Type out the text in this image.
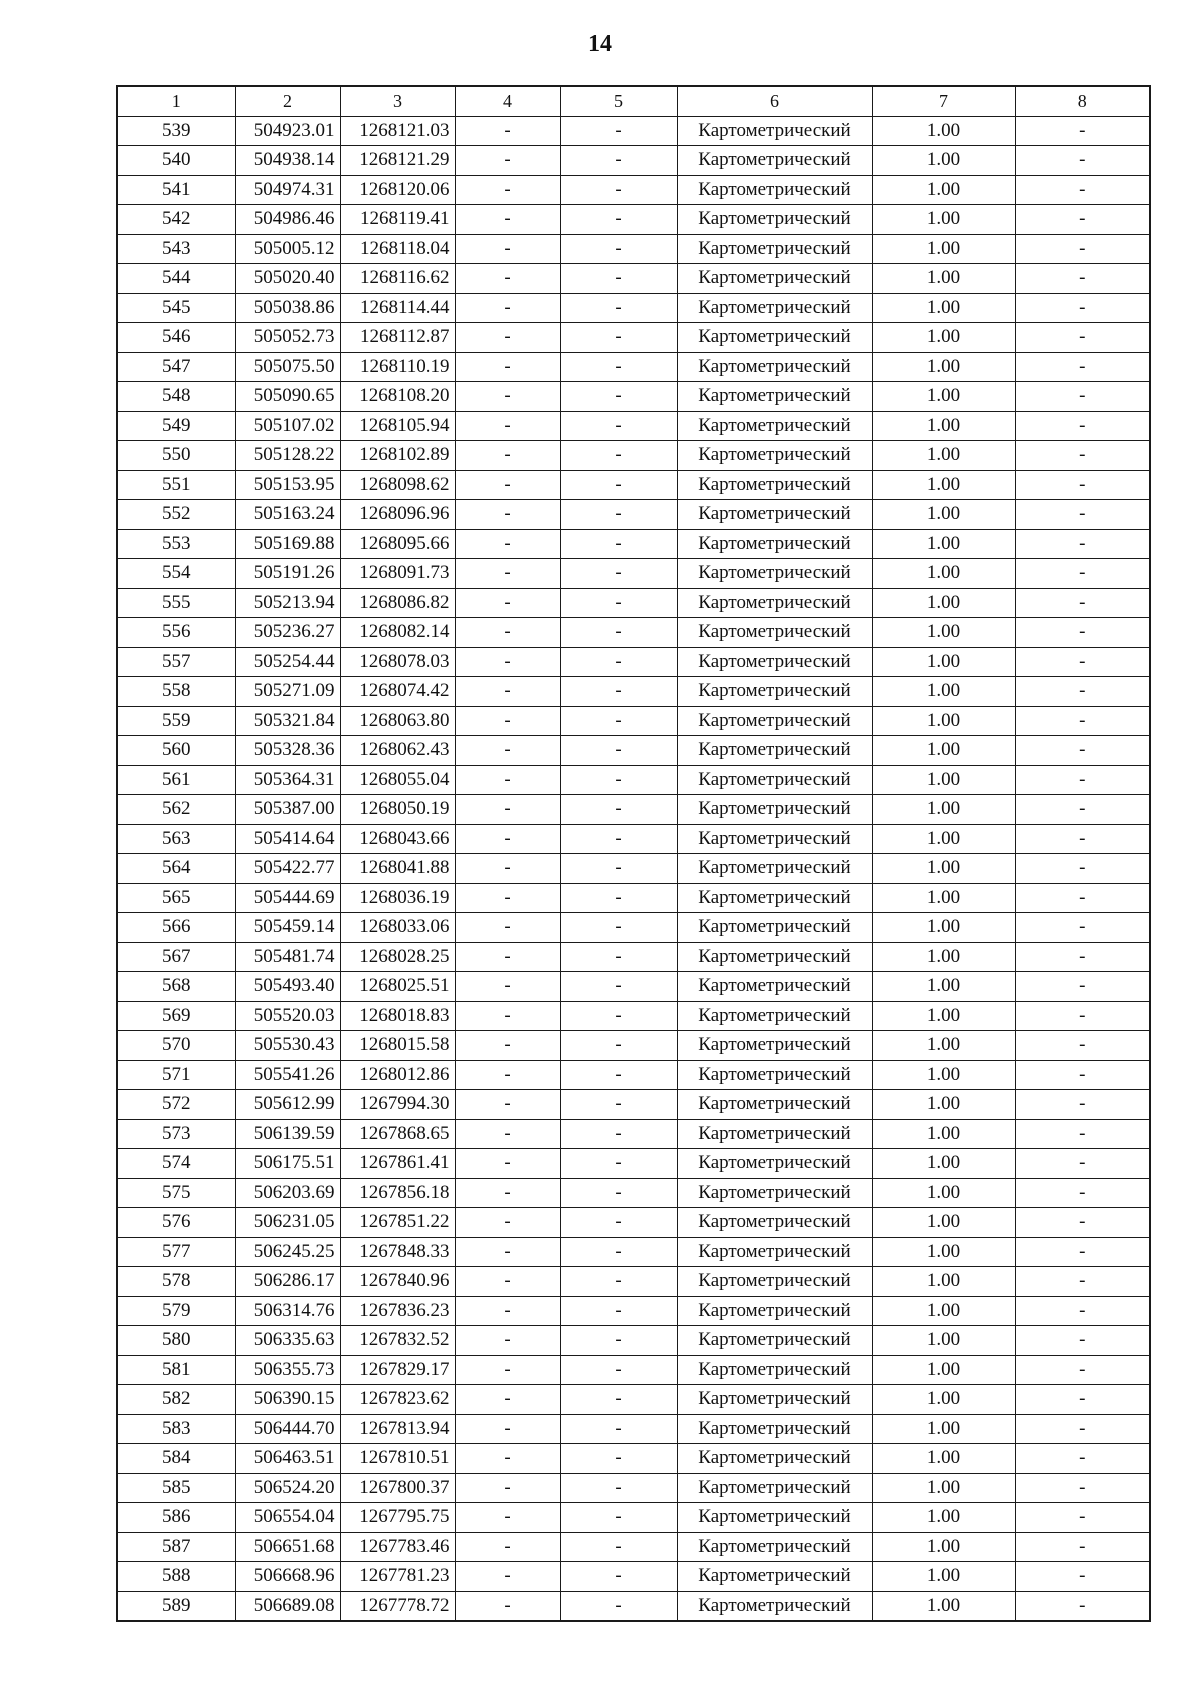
14
1	2	3	4	5	6	7	8
539	504923.01	1268121.03	-	-	Картометрический	1.00	-
540	504938.14	1268121.29	-	-	Картометрический	1.00	-
541	504974.31	1268120.06	-	-	Картометрический	1.00	-
542	504986.46	1268119.41	-	-	Картометрический	1.00	-
543	505005.12	1268118.04	-	-	Картометрический	1.00	-
544	505020.40	1268116.62	-	-	Картометрический	1.00	-
545	505038.86	1268114.44	-	-	Картометрический	1.00	-
546	505052.73	1268112.87	-	-	Картометрический	1.00	-
547	505075.50	1268110.19	-	-	Картометрический	1.00	-
548	505090.65	1268108.20	-	-	Картометрический	1.00	-
549	505107.02	1268105.94	-	-	Картометрический	1.00	-
550	505128.22	1268102.89	-	-	Картометрический	1.00	-
551	505153.95	1268098.62	-	-	Картометрический	1.00	-
552	505163.24	1268096.96	-	-	Картометрический	1.00	-
553	505169.88	1268095.66	-	-	Картометрический	1.00	-
554	505191.26	1268091.73	-	-	Картометрический	1.00	-
555	505213.94	1268086.82	-	-	Картометрический	1.00	-
556	505236.27	1268082.14	-	-	Картометрический	1.00	-
557	505254.44	1268078.03	-	-	Картометрический	1.00	-
558	505271.09	1268074.42	-	-	Картометрический	1.00	-
559	505321.84	1268063.80	-	-	Картометрический	1.00	-
560	505328.36	1268062.43	-	-	Картометрический	1.00	-
561	505364.31	1268055.04	-	-	Картометрический	1.00	-
562	505387.00	1268050.19	-	-	Картометрический	1.00	-
563	505414.64	1268043.66	-	-	Картометрический	1.00	-
564	505422.77	1268041.88	-	-	Картометрический	1.00	-
565	505444.69	1268036.19	-	-	Картометрический	1.00	-
566	505459.14	1268033.06	-	-	Картометрический	1.00	-
567	505481.74	1268028.25	-	-	Картометрический	1.00	-
568	505493.40	1268025.51	-	-	Картометрический	1.00	-
569	505520.03	1268018.83	-	-	Картометрический	1.00	-
570	505530.43	1268015.58	-	-	Картометрический	1.00	-
571	505541.26	1268012.86	-	-	Картометрический	1.00	-
572	505612.99	1267994.30	-	-	Картометрический	1.00	-
573	506139.59	1267868.65	-	-	Картометрический	1.00	-
574	506175.51	1267861.41	-	-	Картометрический	1.00	-
575	506203.69	1267856.18	-	-	Картометрический	1.00	-
576	506231.05	1267851.22	-	-	Картометрический	1.00	-
577	506245.25	1267848.33	-	-	Картометрический	1.00	-
578	506286.17	1267840.96	-	-	Картометрический	1.00	-
579	506314.76	1267836.23	-	-	Картометрический	1.00	-
580	506335.63	1267832.52	-	-	Картометрический	1.00	-
581	506355.73	1267829.17	-	-	Картометрический	1.00	-
582	506390.15	1267823.62	-	-	Картометрический	1.00	-
583	506444.70	1267813.94	-	-	Картометрический	1.00	-
584	506463.51	1267810.51	-	-	Картометрический	1.00	-
585	506524.20	1267800.37	-	-	Картометрический	1.00	-
586	506554.04	1267795.75	-	-	Картометрический	1.00	-
587	506651.68	1267783.46	-	-	Картометрический	1.00	-
588	506668.96	1267781.23	-	-	Картометрический	1.00	-
589	506689.08	1267778.72	-	-	Картометрический	1.00	-
